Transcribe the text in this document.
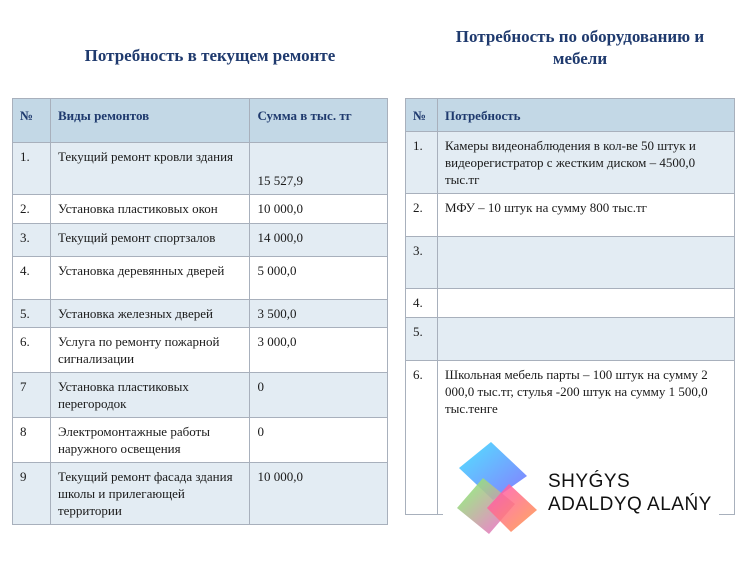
Потребность в текущем ремонте
Потребность по оборудованию и мебели
№	Виды ремонтов	Сумма в тыс. тг
1.	Текущий ремонт кровли здания	15 527,9
2.	Установка пластиковых окон	10 000,0
3.	Текущий ремонт спортзалов	14 000,0
4.	Установка деревянных дверей	5 000,0
5.	Установка железных дверей	3 500,0
6.	Услуга по ремонту пожарной сигнализации	3 000,0
7	Установка пластиковых перегородок	0
8	Электромонтажные работы наружного освещения	0
9	Текущий ремонт фасада здания школы и прилегающей территории	10 000,0
№	Потребность
1.	Камеры видеонаблюдения в кол-ве 50 штук и видеорегистратор с жестким диском – 4500,0 тыс.тг
2.	МФУ – 10 штук на сумму 800 тыс.тг
3.	
4.	
5.	
6.	Школьная мебель парты – 100 штук на сумму 2 000,0 тыс.тг, стулья -200 штук на сумму 1 500,0 тыс.тенге
SHYǴYS
ADALDYQ ALAŃY
